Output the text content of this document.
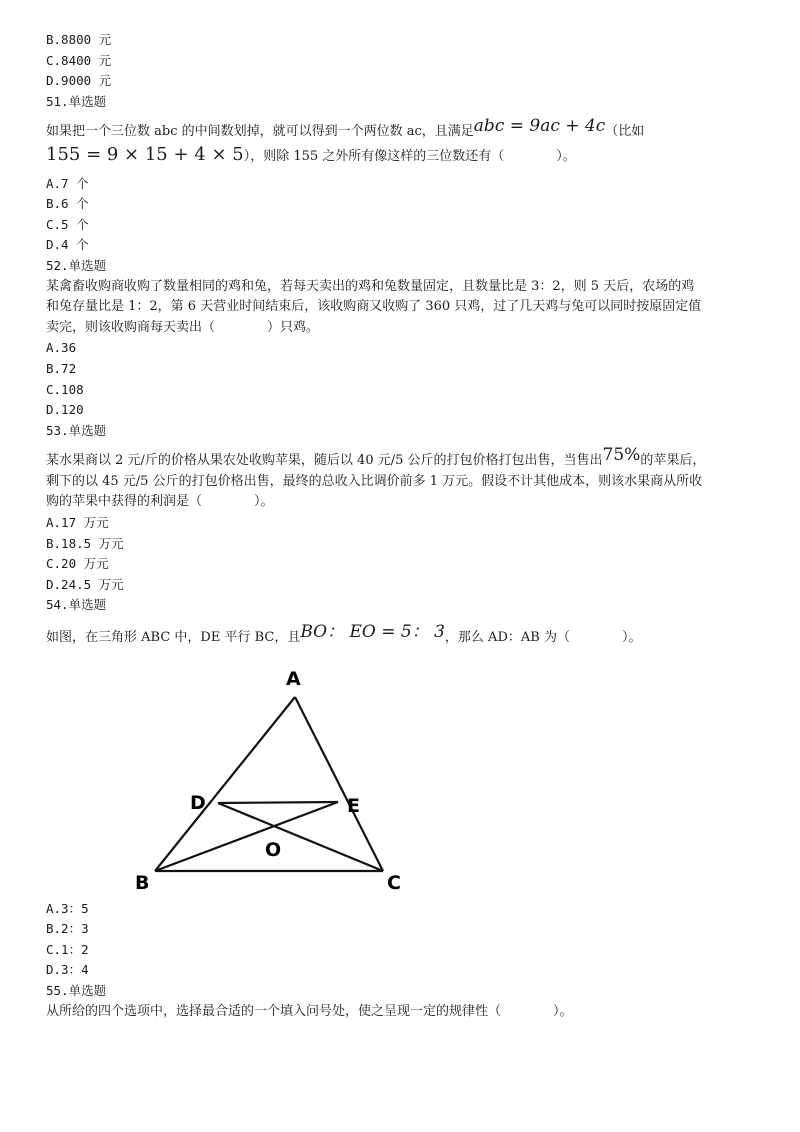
B.8800 元
C.8400 元
D.9000 元
51.单选题
如果把一个三位数 abc 的中间数划掉，就可以得到一个两位数 ac，且满足abc = 9ac + 4c（比如
155 = 9 × 15 + 4 × 5），则除 155 之外所有像这样的三位数还有（　　　　）。
A.7 个
B.6 个
C.5 个
D.4 个
52.单选题
某禽畜收购商收购了数量相同的鸡和兔，若每天卖出的鸡和兔数量固定，且数量比是 3：2，则 5 天后，农场的鸡
和兔存量比是 1：2，第 6 天营业时间结束后，该收购商又收购了 360 只鸡，过了几天鸡与兔可以同时按原固定值
卖完，则该收购商每天卖出（　　　　）只鸡。
A.36
B.72
C.108
D.120
53.单选题
某水果商以 2 元/斤的价格从果农处收购苹果，随后以 40 元/5 公斤的打包价格打包出售，当售出75%的苹果后，
剩下的以 45 元/5 公斤的打包价格出售，最终的总收入比调价前多 1 万元。假设不计其他成本，则该水果商从所收
购的苹果中获得的利润是（　　　　）。
A.17 万元
B.18.5 万元
C.20 万元
D.24.5 万元
54.单选题
如图，在三角形 ABC 中，DE 平行 BC，且BO： EO = 5： 3，那么 AD：AB 为（　　　　）。
A
D	E
O
B	C
A.3：5
B.2：3
C.1：2
D.3：4
55.单选题
从所给的四个选项中，选择最合适的一个填入问号处，使之呈现一定的规律性（　　　　）。
